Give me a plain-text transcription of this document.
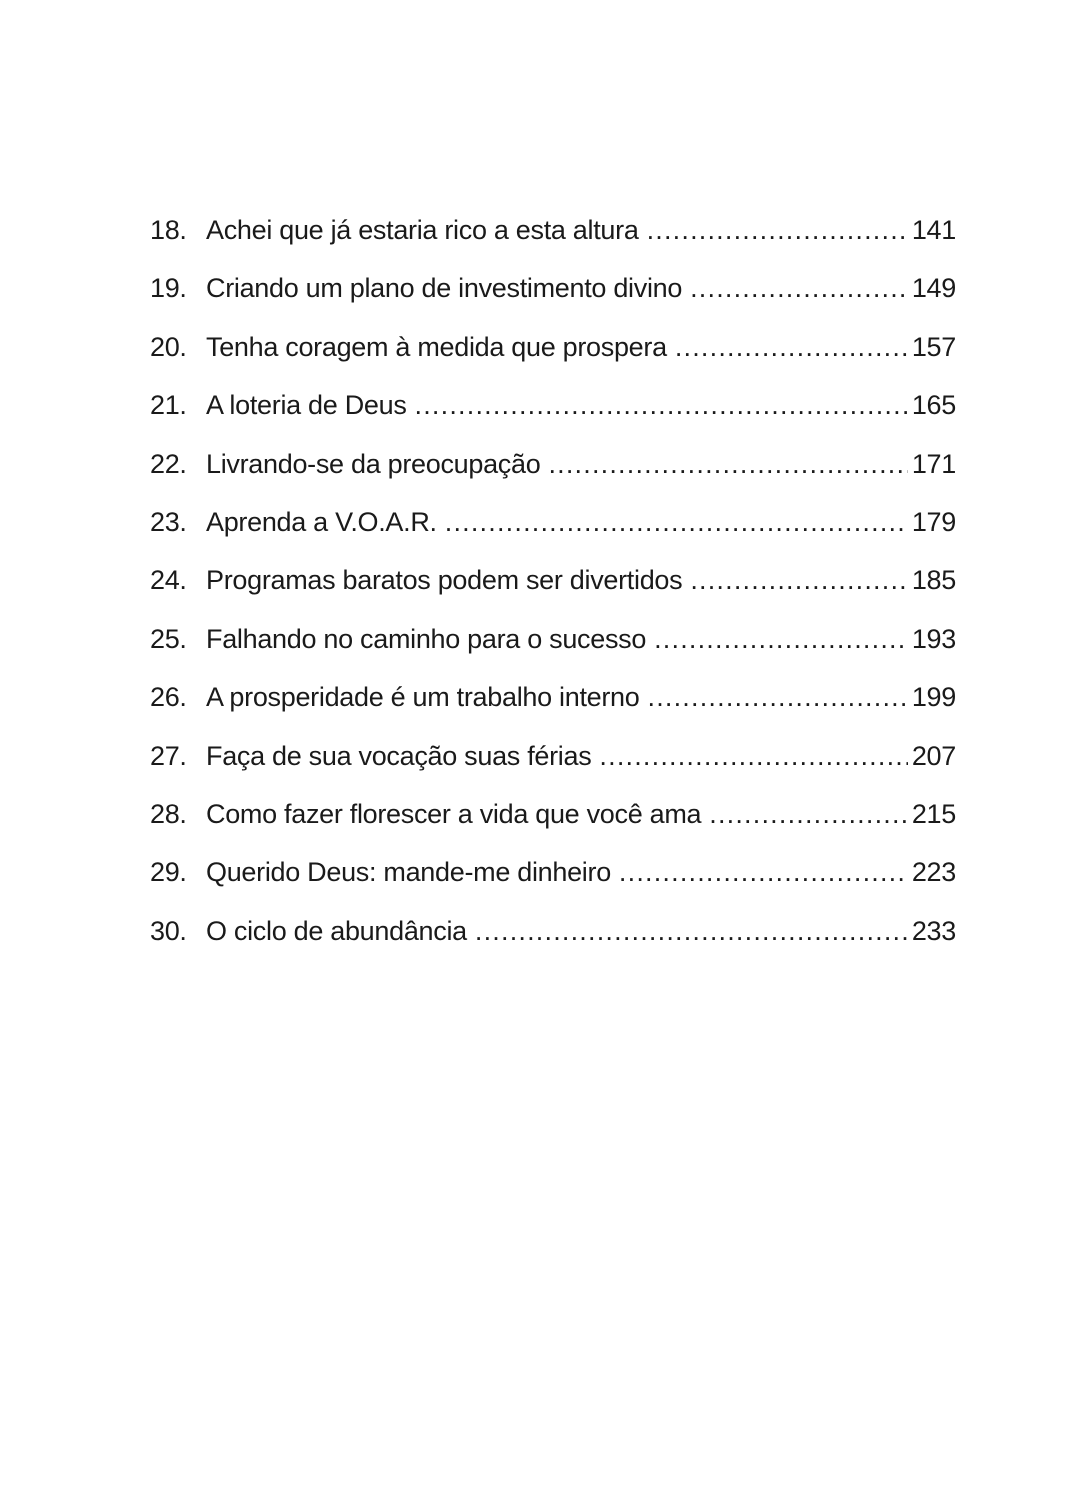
18. Achei que já estaria rico a esta altura .....	141
19. Criando um plano de investimento divino .....	149
20. Tenha coragem à medida que prospera .....	157
21. A loteria de Deus .....	165
22. Livrando-se da preocupação .....	171
23. Aprenda a V.O.A.R. .....	179
24. Programas baratos podem ser divertidos .....	185
25. Falhando no caminho para o sucesso .....	193
26. A prosperidade é um trabalho interno .....	199
27. Faça de sua vocação suas férias .....	207
28. Como fazer florescer a vida que você ama .....	215
29. Querido Deus: mande-me dinheiro .....	223
30. O ciclo de abundância .....	233
